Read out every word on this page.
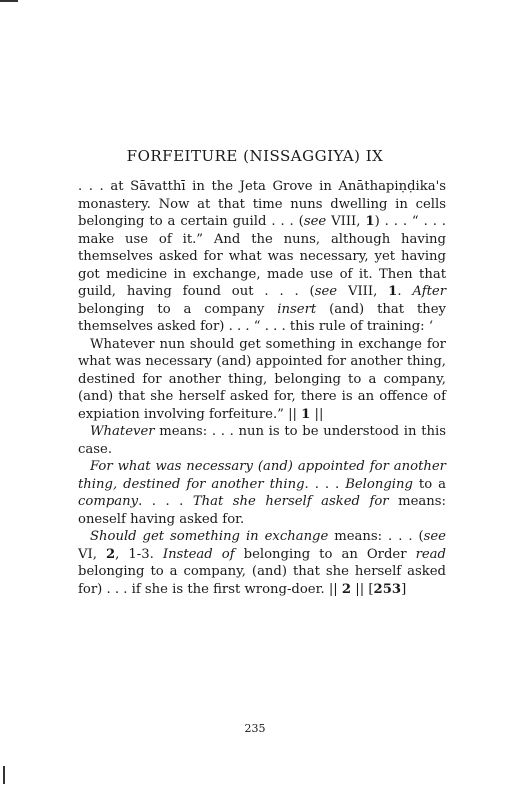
FORFEITURE (NISSAGGIYA) IX

. . . at Sāvatthī in the Jeta Grove in Anāthapiṇḍika's monastery. Now at that time nuns dwelling in cells belonging to a certain guild . . . (see VIII, 1) . . . “ . . . make use of it.” And the nuns, although having themselves asked for what was necessary, yet having got medicine in exchange, made use of it. Then that guild, having found out . . . (see VIII, 1. After belonging to a company insert (and) that they themselves asked for) . . . “ . . . this rule of training: ‘

Whatever nun should get something in exchange for what was necessary (and) appointed for another thing, destined for another thing, belonging to a company, (and) that she herself asked for, there is an offence of expiation involving forfeiture.” || 1 ||

Whatever means: . . . nun is to be understood in this case.

For what was necessary (and) appointed for another thing, destined for another thing. . . . Belonging to a company. . . . That she herself asked for means: oneself having asked for.

Should get something in exchange means: . . . (see VI, 2, 1-3. Instead of belonging to an Order read belonging to a company, (and) that she herself asked for) . . . if she is the first wrong-doer. || 2 || [253]

235
